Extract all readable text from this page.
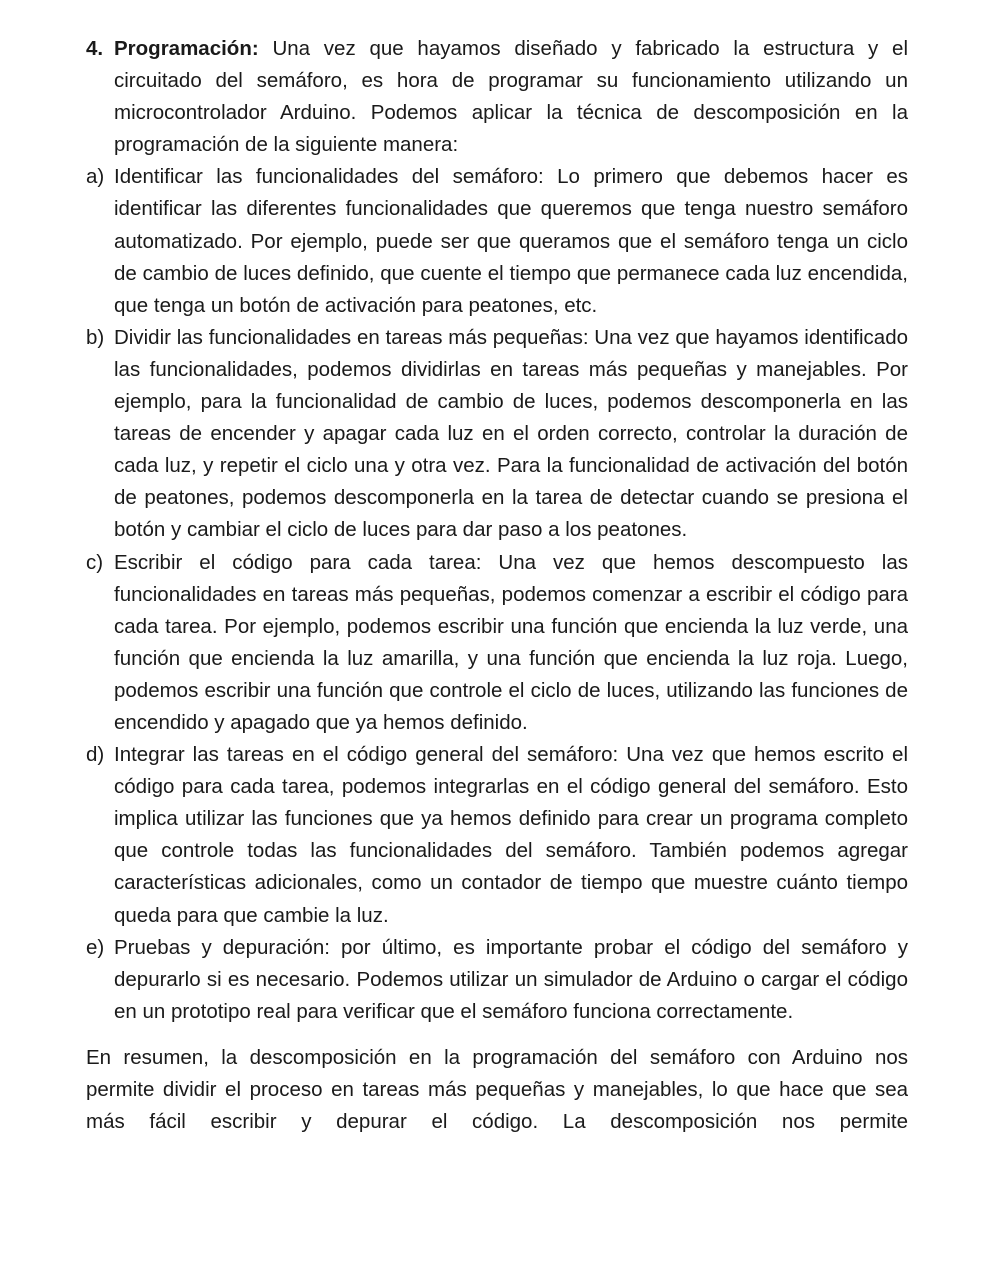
4. Programación: Una vez que hayamos diseñado y fabricado la estructura y el circuitado del semáforo, es hora de programar su funcionamiento utilizando un microcontrolador Arduino. Podemos aplicar la técnica de descomposición en la programación de la siguiente manera:
a) Identificar las funcionalidades del semáforo: Lo primero que debemos hacer es identificar las diferentes funcionalidades que queremos que tenga nuestro semáforo automatizado. Por ejemplo, puede ser que queramos que el semáforo tenga un ciclo de cambio de luces definido, que cuente el tiempo que permanece cada luz encendida, que tenga un botón de activación para peatones, etc.
b) Dividir las funcionalidades en tareas más pequeñas: Una vez que hayamos identificado las funcionalidades, podemos dividirlas en tareas más pequeñas y manejables. Por ejemplo, para la funcionalidad de cambio de luces, podemos descomponerla en las tareas de encender y apagar cada luz en el orden correcto, controlar la duración de cada luz, y repetir el ciclo una y otra vez. Para la funcionalidad de activación del botón de peatones, podemos descomponerla en la tarea de detectar cuando se presiona el botón y cambiar el ciclo de luces para dar paso a los peatones.
c) Escribir el código para cada tarea: Una vez que hemos descompuesto las funcionalidades en tareas más pequeñas, podemos comenzar a escribir el código para cada tarea. Por ejemplo, podemos escribir una función que encienda la luz verde, una función que encienda la luz amarilla, y una función que encienda la luz roja. Luego, podemos escribir una función que controle el ciclo de luces, utilizando las funciones de encendido y apagado que ya hemos definido.
d) Integrar las tareas en el código general del semáforo: Una vez que hemos escrito el código para cada tarea, podemos integrarlas en el código general del semáforo. Esto implica utilizar las funciones que ya hemos definido para crear un programa completo que controle todas las funcionalidades del semáforo. También podemos agregar características adicionales, como un contador de tiempo que muestre cuánto tiempo queda para que cambie la luz.
e) Pruebas y depuración: por último, es importante probar el código del semáforo y depurarlo si es necesario. Podemos utilizar un simulador de Arduino o cargar el código en un prototipo real para verificar que el semáforo funciona correctamente.

En resumen, la descomposición en la programación del semáforo con Arduino nos permite dividir el proceso en tareas más pequeñas y manejables, lo que hace que sea más fácil escribir y depurar el código. La descomposición nos permite
